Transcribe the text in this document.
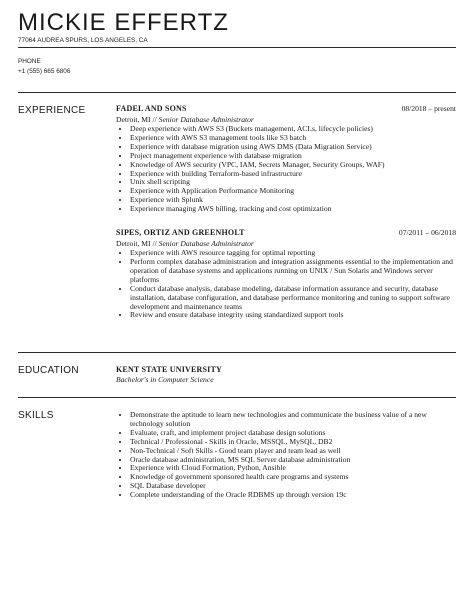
MICKIE EFFERTZ
77064 AUDREA SPURS, LOS ANGELES, CA
PHONE
+1 (555) 665 6806
EXPERIENCE	FADEL AND SONS	08/2018 – present
Detroit, MI // Senior Database Administrator
• Deep experience with AWS S3 (Buckets management, ACLs, lifecycle policies)
• Experience with AWS S3 management tools like S3 batch
• Experience with database migration using AWS DMS (Data Migration Service)
• Project management experience with database migration
• Knowledge of AWS security (VPC, IAM, Secrets Manager, Security Groups, WAF)
• Experience with building Terraform-based infrastructure
• Unix shell scripting
• Experience with Application Performance Monitoring
• Experience with Splunk
• Experience managing AWS billing, tracking and cost optimization
SIPES, ORTIZ AND GREENHOLT	07/2011 – 06/2018
Detroit, MI // Senior Database Administrator
• Experience with AWS resource tagging for optimal reporting
• Perform complex database administration and integration assignments essential to the implementation and operation of database systems and applications running on UNIX / Sun Solaris and Windows server platforms
• Conduct database analysis, database modeling, database information assurance and security, database installation, database configuration, and database performance monitoring and tuning to support software development and maintenance teams
• Review and ensure database integrity using standardized support tools
EDUCATION	KENT STATE UNIVERSITY
Bachelor's in Computer Science
SKILLS
•	Demonstrate the aptitude to learn new technologies and communicate the business value of a new technology solution
• Evaluate, craft, and implement project database design solutions
• Technical / Professional - Skills in Oracle, MSSQL, MySQL, DB2
• Non-Technical / Soft Skills - Good team player and team lead as well
• Oracle database administration, MS SQL Server database administration
• Experience with Cloud Formation, Python, Ansible
• Knowledge of government sponsored health care programs and systems
• SQL Database developer
• Complete understanding of the Oracle RDBMS up through version 19c
